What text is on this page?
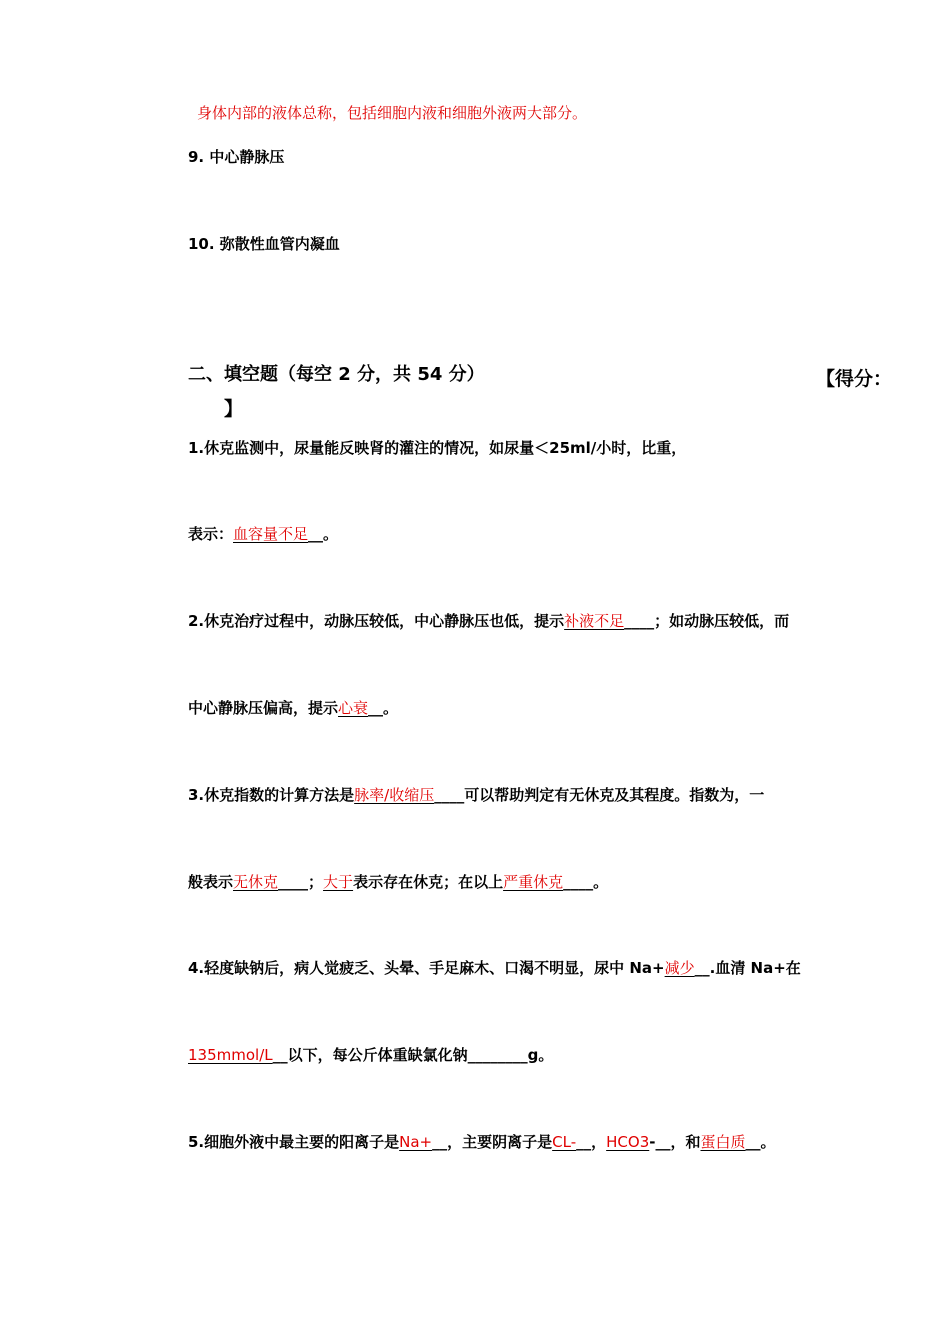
身体内部的液体总称，包括细胞内液和细胞外液两大部分。
9. 中心静脉压
10. 弥散性血管内凝血
二、填空题（每空 2 分，共 54 分）	【得分：
】
1.休克监测中，尿量能反映肾的灌注的情况，如尿量＜25ml/小时，比重，
表示：血容量不足__。
2.休克治疗过程中，动脉压较低，中心静脉压也低，提示补液不足____；如动脉压较低，而
中心静脉压偏高，提示心衰__。
3.休克指数的计算方法是脉率/收缩压____可以帮助判定有无休克及其程度。指数为，一
般表示无休克____；大于表示存在休克；在以上严重休克____。
4.轻度缺钠后，病人觉疲乏、头晕、手足麻木、口渴不明显，尿中 Na+减少__.血清 Na+在
135mmol/L__以下，每公斤体重缺氯化钠________g。
5.细胞外液中最主要的阳离子是Na+__，主要阴离子是CL-__，HCO3-__，和蛋白质__。
